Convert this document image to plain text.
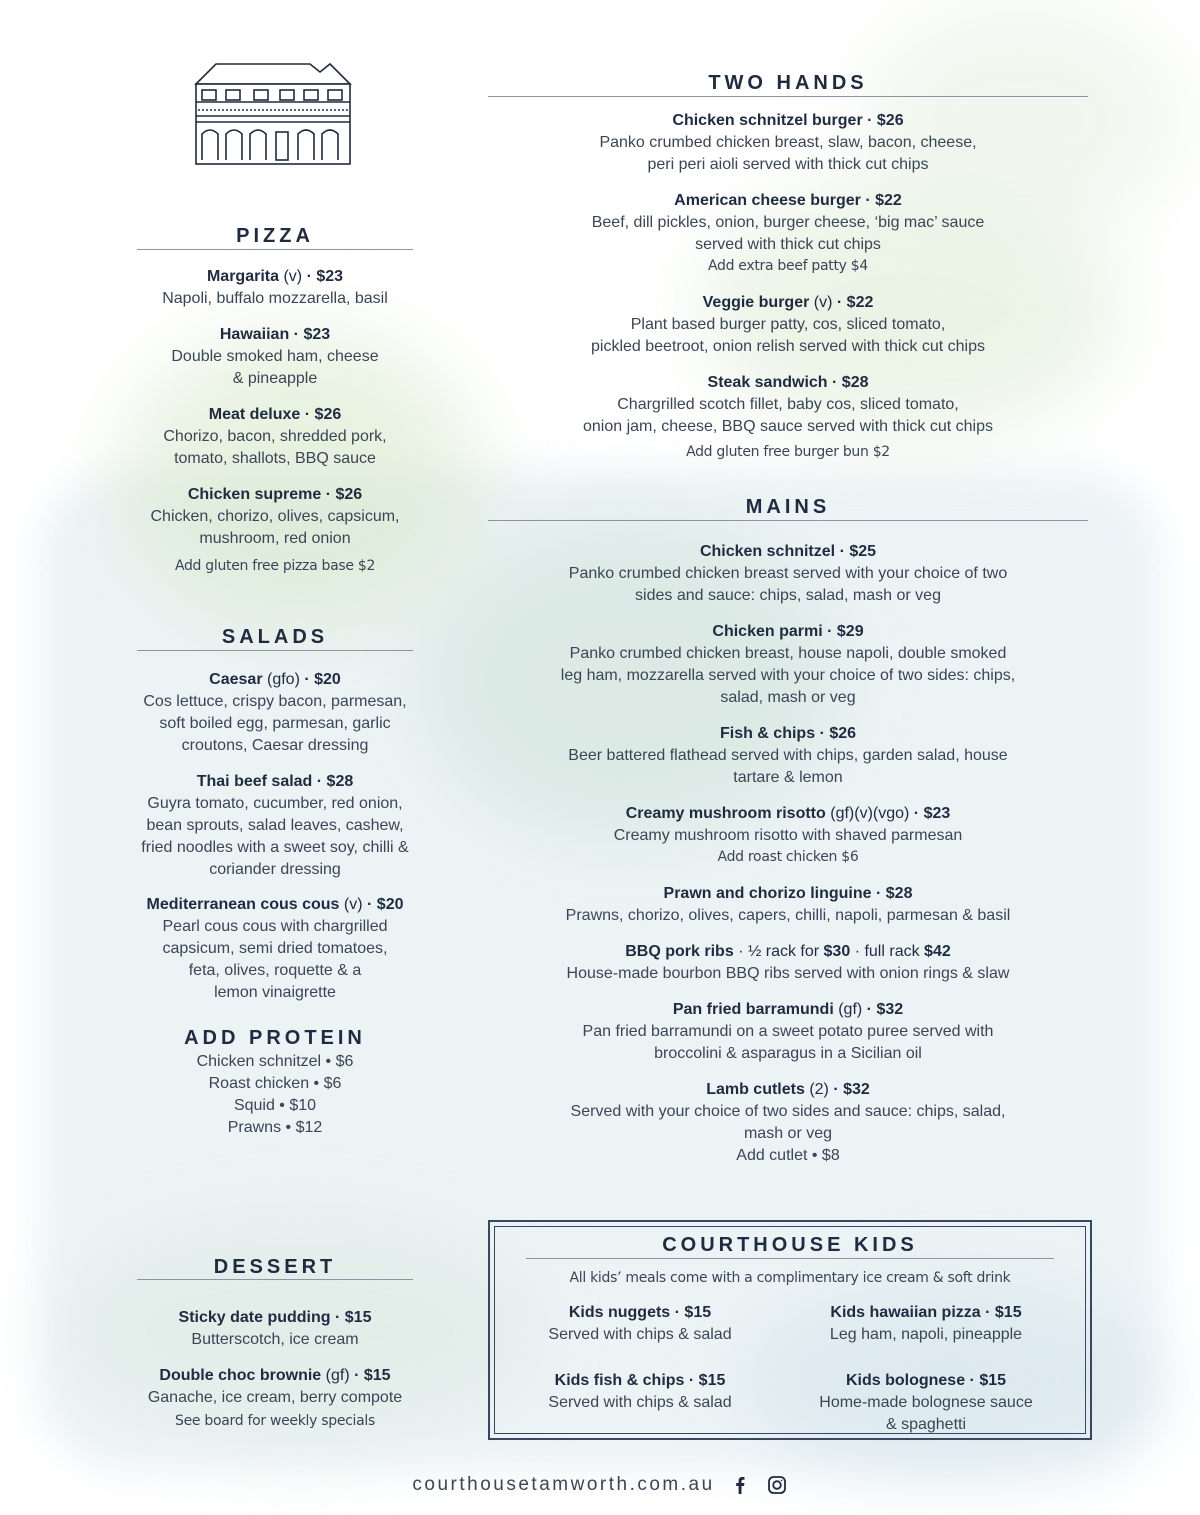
PIZZA
Margarita (v) · $23
Napoli, buffalo mozzarella, basil
Hawaiian · $23
Double smoked ham, cheese
& pineapple
Meat deluxe · $26
Chorizo, bacon, shredded pork,
tomato, shallots, BBQ sauce
Chicken supreme · $26
Chicken, chorizo, olives, capsicum,
mushroom, red onion
Add gluten free pizza base $2
SALADS
Caesar (gfo) · $20
Cos lettuce, crispy bacon, parmesan,
soft boiled egg, parmesan, garlic
croutons, Caesar dressing
Thai beef salad · $28
Guyra tomato, cucumber, red onion,
bean sprouts, salad leaves, cashew,
fried noodles with a sweet soy, chilli &
coriander dressing
Mediterranean cous cous (v) · $20
Pearl cous cous with chargrilled
capsicum, semi dried tomatoes,
feta, olives, roquette & a
lemon vinaigrette
ADD PROTEIN
Chicken schnitzel • $6
Roast chicken • $6
Squid • $10
Prawns • $12
DESSERT
Sticky date pudding · $15
Butterscotch, ice cream
Double choc brownie (gf) · $15
Ganache, ice cream, berry compote
See board for weekly specials
TWO HANDS
Chicken schnitzel burger · $26
Panko crumbed chicken breast, slaw, bacon, cheese,
peri peri aioli served with thick cut chips
American cheese burger · $22
Beef, dill pickles, onion, burger cheese, ‘big mac’ sauce
served with thick cut chips
Add extra beef patty $4
Veggie burger (v) · $22
Plant based burger patty, cos, sliced tomato,
pickled beetroot, onion relish served with thick cut chips
Steak sandwich · $28
Chargrilled scotch fillet, baby cos, sliced tomato,
onion jam, cheese, BBQ sauce served with thick cut chips
Add gluten free burger bun $2
MAINS
Chicken schnitzel · $25
Panko crumbed chicken breast served with your choice of two
sides and sauce: chips, salad, mash or veg
Chicken parmi · $29
Panko crumbed chicken breast, house napoli, double smoked
leg ham, mozzarella served with your choice of two sides: chips,
salad, mash or veg
Fish & chips · $26
Beer battered flathead served with chips, garden salad, house
tartare & lemon
Creamy mushroom risotto (gf)(v)(vgo) · $23
Creamy mushroom risotto with shaved parmesan
Add roast chicken $6
Prawn and chorizo linguine · $28
Prawns, chorizo, olives, capers, chilli, napoli, parmesan & basil
BBQ pork ribs · ½ rack for $30 · full rack $42
House-made bourbon BBQ ribs served with onion rings & slaw
Pan fried barramundi (gf) · $32
Pan fried barramundi on a sweet potato puree served with
broccolini & asparagus in a Sicilian oil
Lamb cutlets (2) · $32
Served with your choice of two sides and sauce: chips, salad,
mash or veg
Add cutlet • $8
COURTHOUSE KIDS
All kids’ meals come with a complimentary ice cream & soft drink
Kids nuggets · $15
Served with chips & salad
Kids hawaiian pizza · $15
Leg ham, napoli, pineapple
Kids fish & chips · $15
Served with chips & salad
Kids bolognese · $15
Home-made bolognese sauce
& spaghetti
courthousetamworth.com.au
